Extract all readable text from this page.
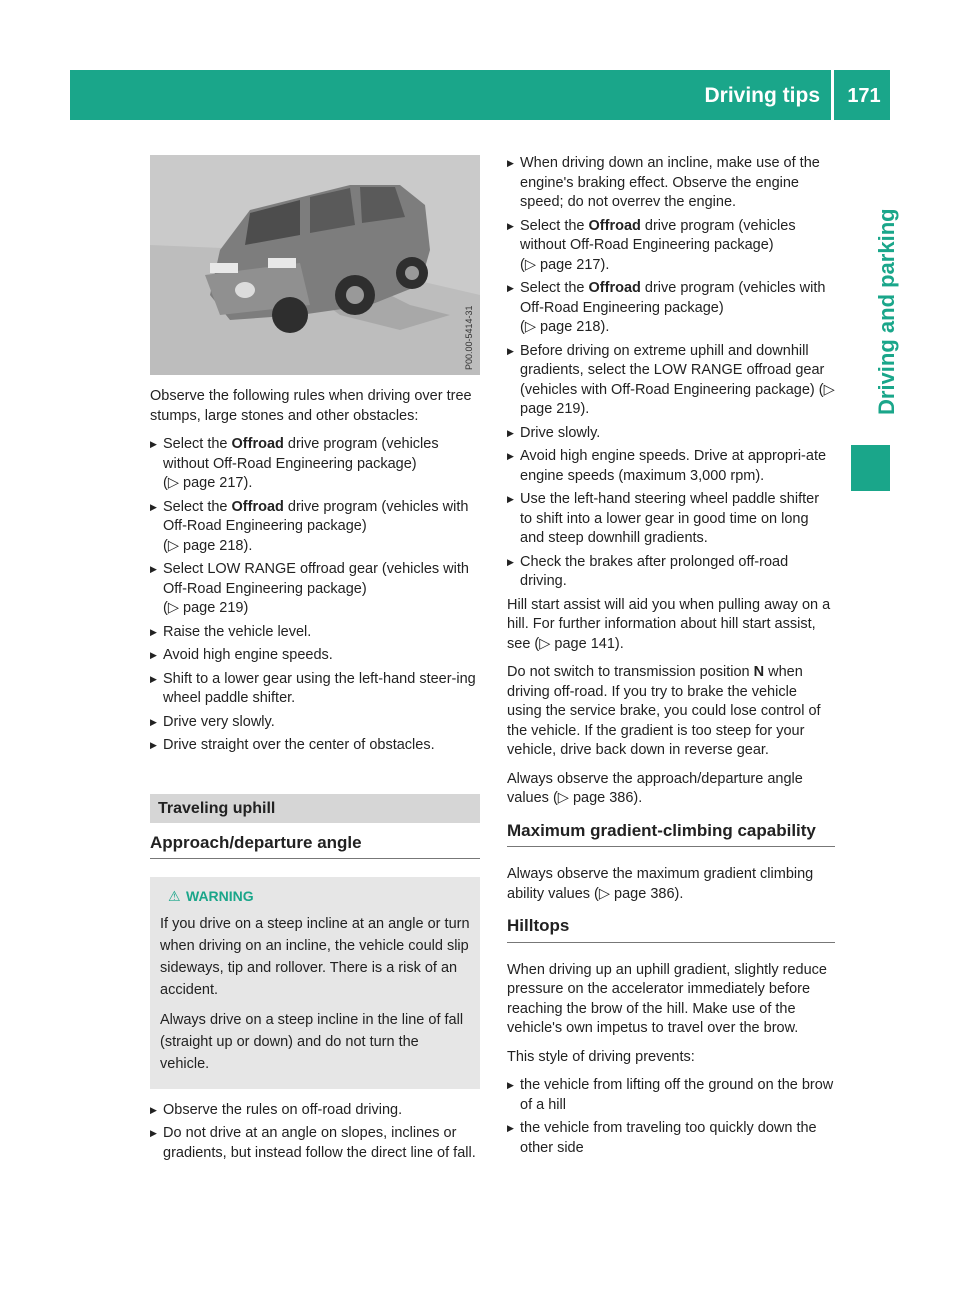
Driving tips	171
Driving and parking
P00.00-5414-31

Observe the following rules when driving over tree stumps, large stones and other obstacles:

▶ Select the Offroad drive program (vehicles without Off-Road Engineering package)
(▷ page 217).
▶ Select the Offroad drive program (vehicles with Off-Road Engineering package)
(▷ page 218).
▶ Select LOW RANGE offroad gear (vehicles with Off-Road Engineering package)
(▷ page 219)
▶ Raise the vehicle level.
▶ Avoid high engine speeds.
▶ Shift to a lower gear using the left-hand steer-ing wheel paddle shifter.
▶ Drive very slowly.
▶ Drive straight over the center of obstacles.
Traveling uphill
Approach/departure angle
⚠ WARNING

If you drive on a steep incline at an angle or turn when driving on an incline, the vehicle could slip sideways, tip and rollover. There is a risk of an accident.

Always drive on a steep incline in the line of fall (straight up or down) and do not turn the vehicle.

▶ Observe the rules on off-road driving.
▶ Do not drive at an angle on slopes, inclines or gradients, but instead follow the direct line of fall.
▶ When driving down an incline, make use of the engine's braking effect. Observe the engine speed; do not overrev the engine.
▶ Select the Offroad drive program (vehicles without Off-Road Engineering package)
(▷ page 217).
▶ Select the Offroad drive program (vehicles with Off-Road Engineering package)
(▷ page 218).
▶ Before driving on extreme uphill and downhill gradients, select the LOW RANGE offroad gear (vehicles with Off-Road Engineering package) (▷ page 219).
▶ Drive slowly.
▶ Avoid high engine speeds. Drive at appropri-ate engine speeds (maximum 3,000 rpm).
▶ Use the left-hand steering wheel paddle shifter to shift into a lower gear in good time on long and steep downhill gradients.
▶ Check the brakes after prolonged off-road driving.

Hill start assist will aid you when pulling away on a hill. For further information about hill start assist, see (▷ page 141).

Do not switch to transmission position N when driving off-road. If you try to brake the vehicle using the service brake, you could lose control of the vehicle. If the gradient is too steep for your vehicle, drive back down in reverse gear.

Always observe the approach/departure angle values (▷ page 386).

Maximum gradient-climbing capability

Always observe the maximum gradient climbing ability values (▷ page 386).

Hilltops

When driving up an uphill gradient, slightly reduce pressure on the accelerator immediately before reaching the brow of the hill. Make use of the vehicle's own impetus to travel over the brow.

This style of driving prevents:

▶ the vehicle from lifting off the ground on the brow of a hill
▶ the vehicle from traveling too quickly down the other side
